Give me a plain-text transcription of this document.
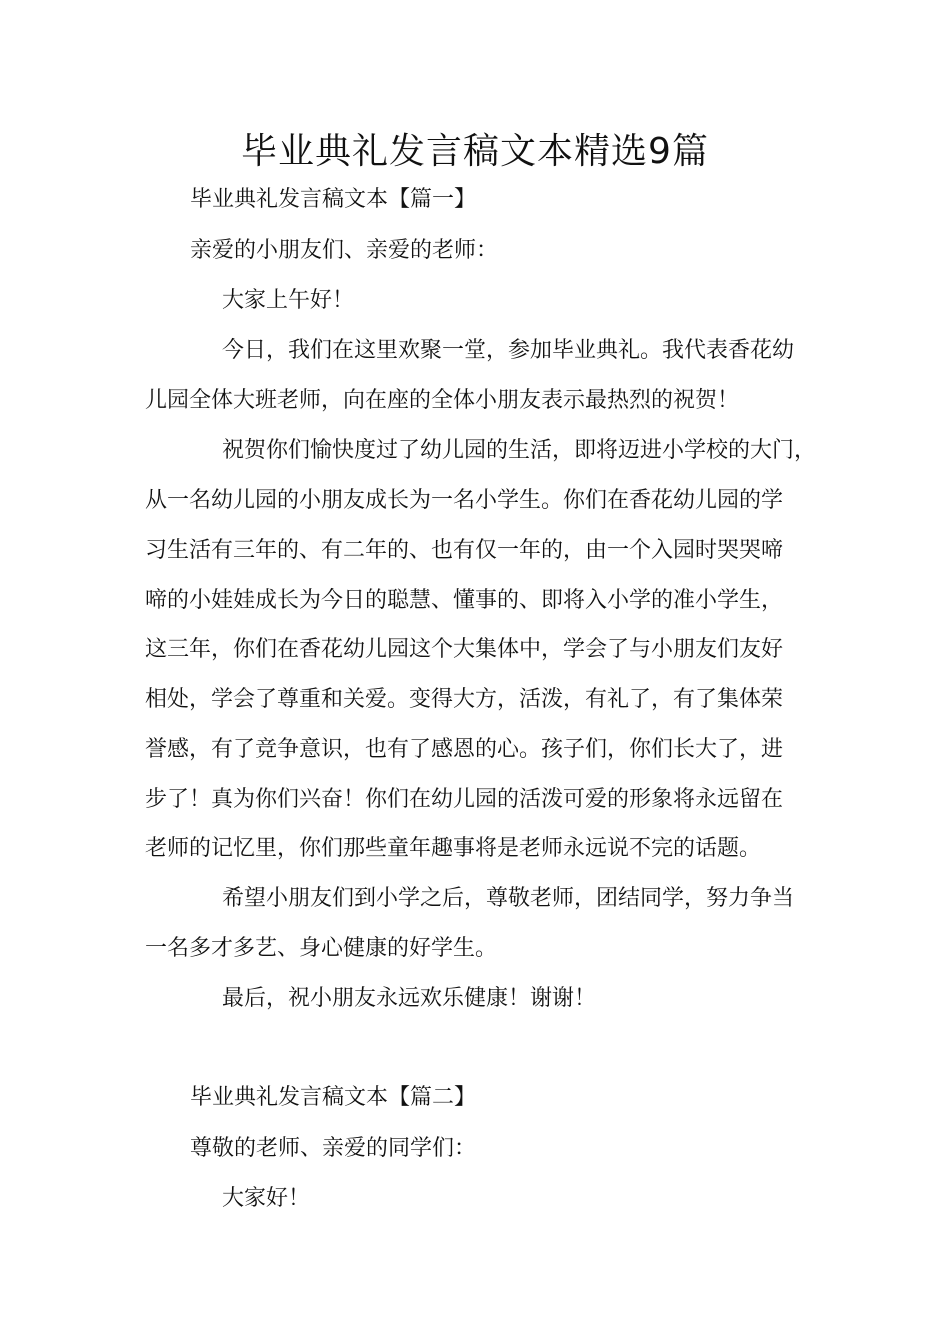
毕业典礼发言稿文本精选9篇
毕业典礼发言稿文本【篇一】
亲爱的小朋友们、亲爱的老师：
大家上午好！
今日，我们在这里欢聚一堂，参加毕业典礼。我代表香花幼
儿园全体大班老师，向在座的全体小朋友表示最热烈的祝贺！
祝贺你们愉快度过了幼儿园的生活，即将迈进小学校的大门，
从一名幼儿园的小朋友成长为一名小学生。你们在香花幼儿园的学
习生活有三年的、有二年的、也有仅一年的，由一个入园时哭哭啼
啼的小娃娃成长为今日的聪慧、懂事的、即将入小学的准小学生，
这三年，你们在香花幼儿园这个大集体中，学会了与小朋友们友好
相处，学会了尊重和关爱。变得大方，活泼，有礼了，有了集体荣
誉感，有了竞争意识，也有了感恩的心。孩子们，你们长大了，进
步了！真为你们兴奋！你们在幼儿园的活泼可爱的形象将永远留在
老师的记忆里，你们那些童年趣事将是老师永远说不完的话题。
希望小朋友们到小学之后，尊敬老师，团结同学，努力争当
一名多才多艺、身心健康的好学生。
最后，祝小朋友永远欢乐健康！谢谢！
毕业典礼发言稿文本【篇二】
尊敬的老师、亲爱的同学们：
大家好！
